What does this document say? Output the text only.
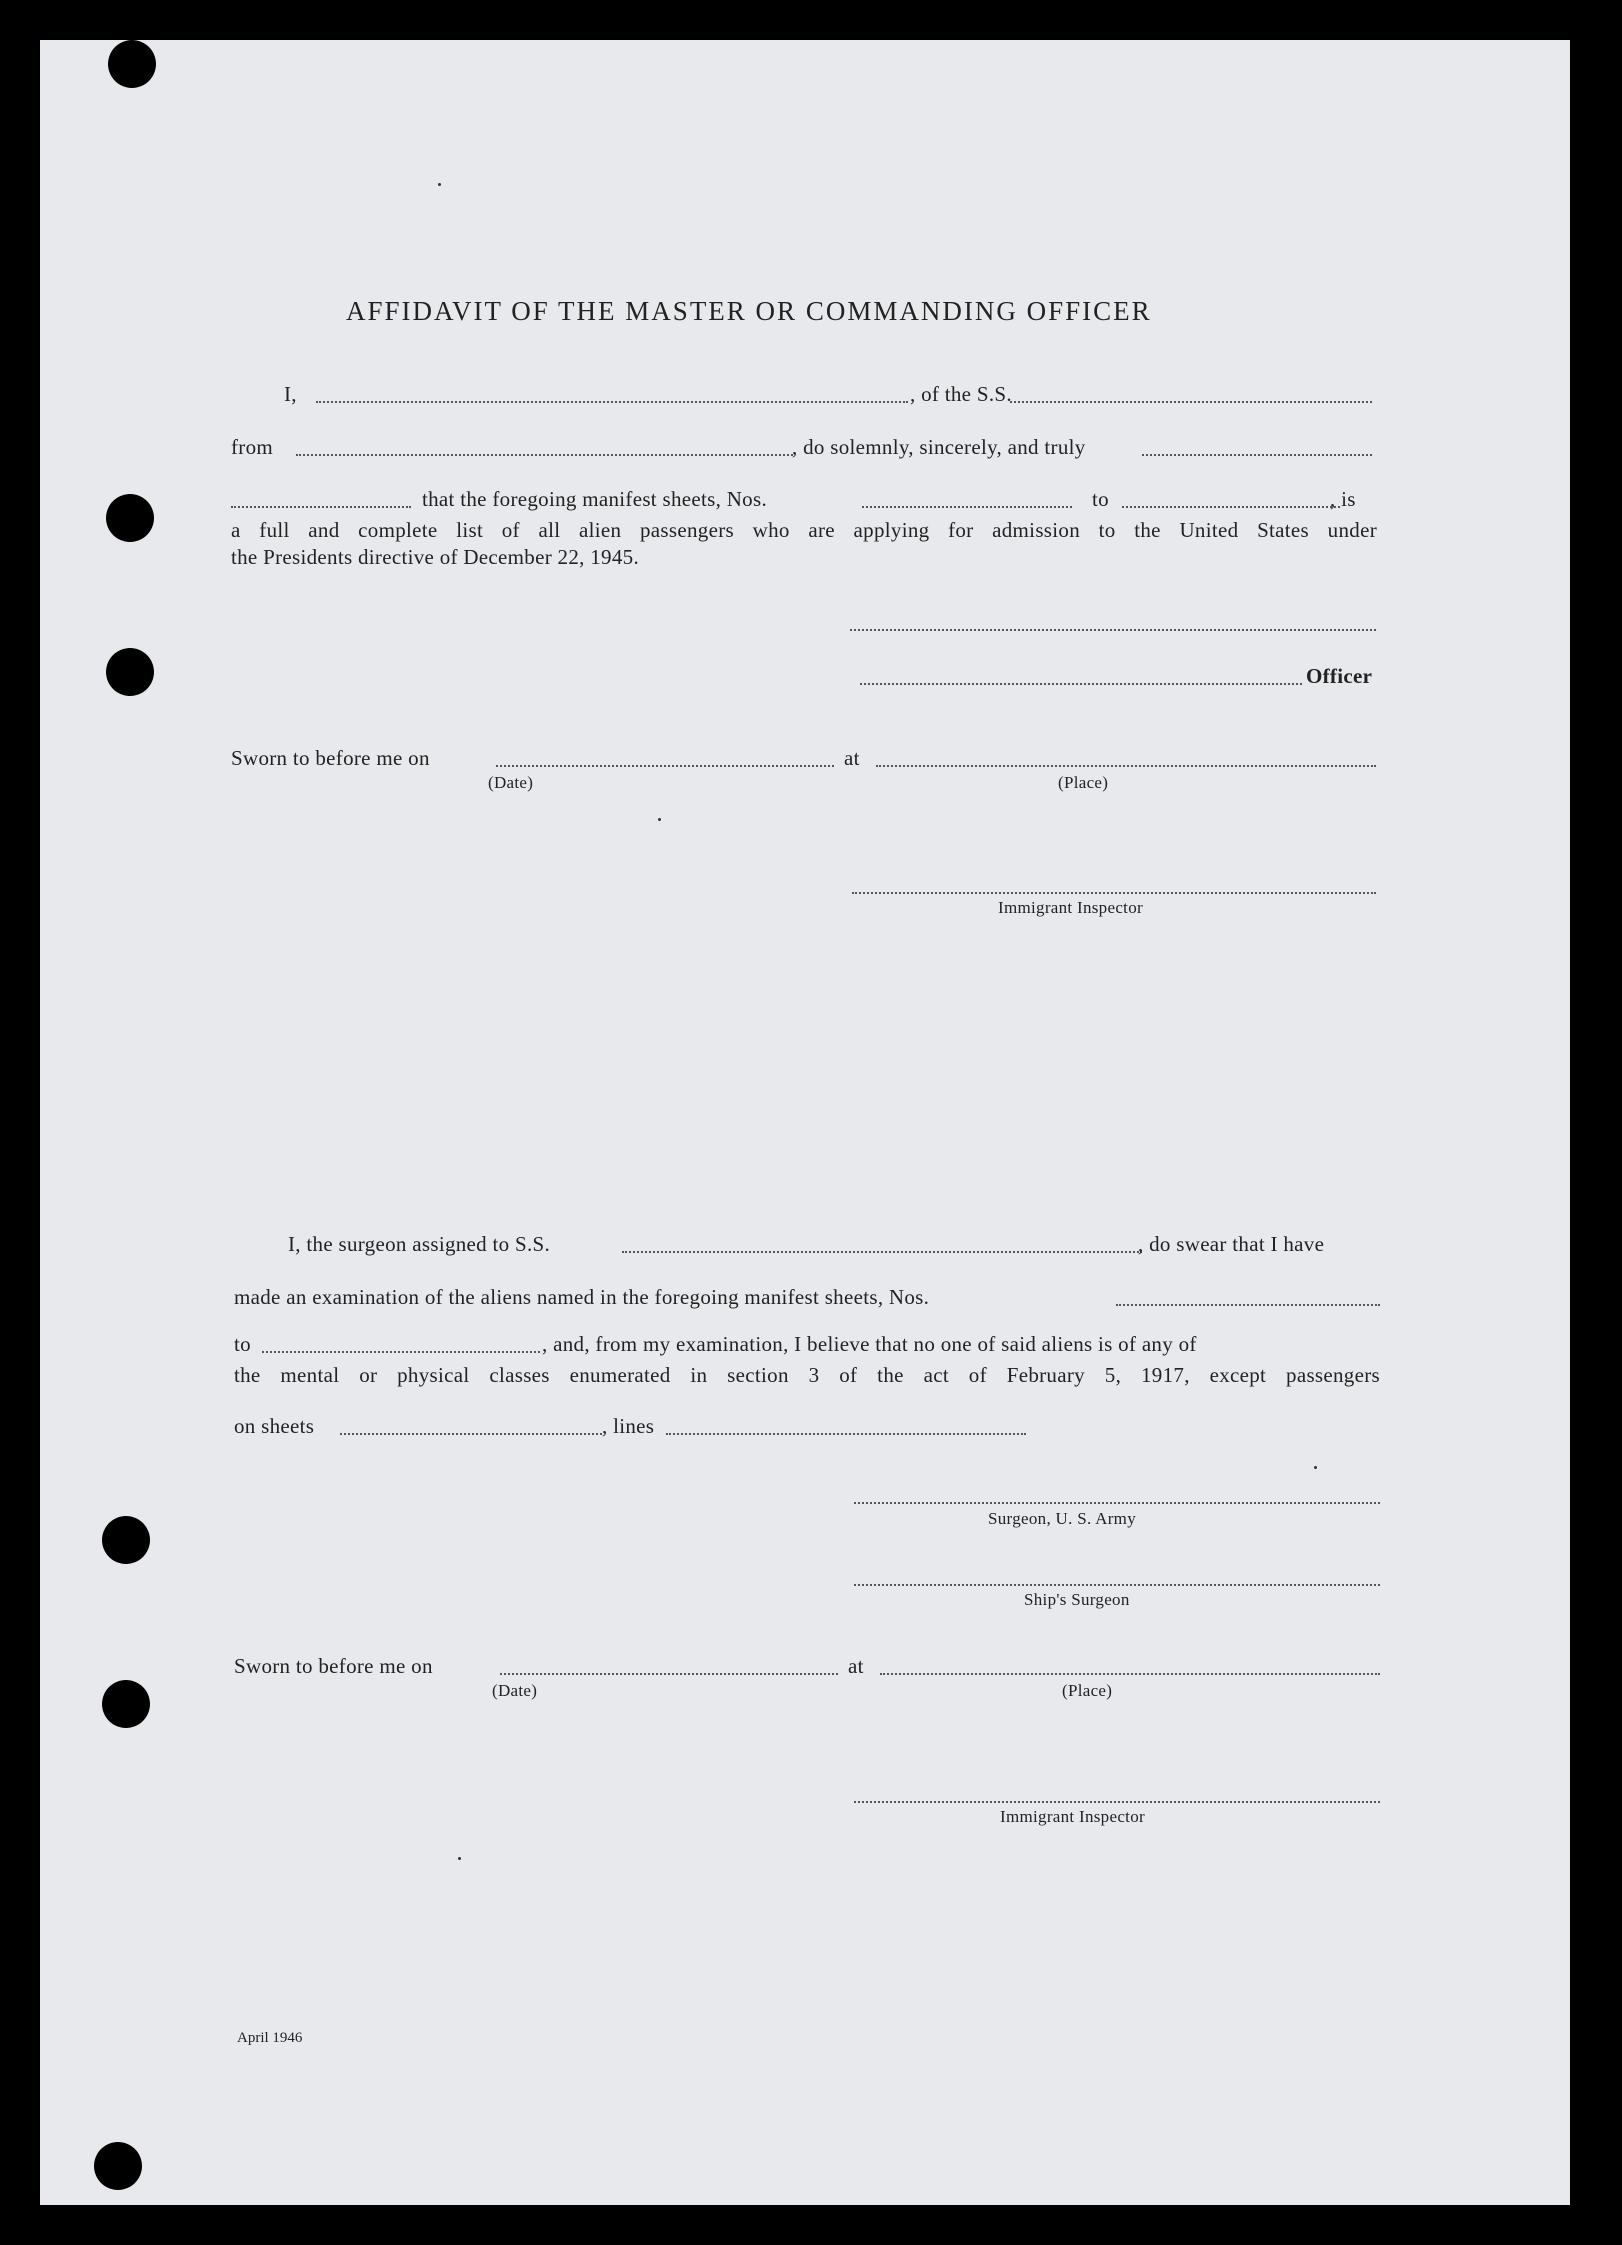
AFFIDAVIT OF THE MASTER OR COMMANDING OFFICER
I,	, of the S.S.
from	, do solemnly, sincerely, and truly
that the foregoing manifest sheets, Nos.	to	, is
a full and complete list of all alien passengers who are applying for admission to the United States under
the Presidents directive of December 22, 1945.
Officer
Sworn to before me on
(Date)
at
(Place)
Immigrant Inspector
I, the surgeon assigned to S.S.	, do swear that I have
made an examination of the aliens named in the foregoing manifest sheets, Nos.
to	, and, from my examination, I believe that no one of said aliens is of any of
the mental or physical classes enumerated in section 3 of the act of February 5, 1917, except passengers
on sheets	, lines
Surgeon, U. S. Army
Ship's Surgeon
Sworn to before me on
(Date)
at
(Place)
Immigrant Inspector
April 1946
